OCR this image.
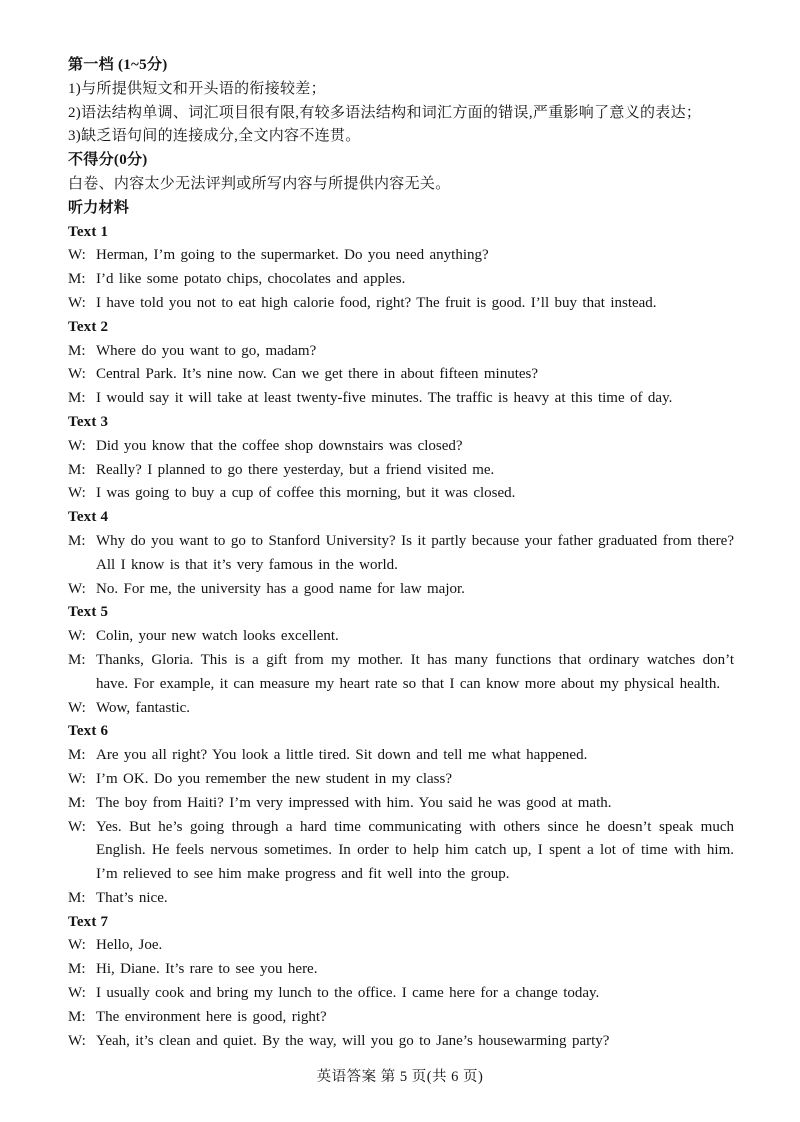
第一档 (1~5分)
1)与所提供短文和开头语的衔接较差；
2)语法结构单调、词汇项目很有限,有较多语法结构和词汇方面的错误,严重影响了意义的表达；
3)缺乏语句间的连接成分,全文内容不连贯。
不得分(0分)
白卷、内容太少无法评判或所写内容与所提供内容无关。
听力材料
Text 1
W: Herman, I’m going to the supermarket. Do you need anything?
M: I’d like some potato chips, chocolates and apples.
W: I have told you not to eat high calorie food, right? The fruit is good. I’ll buy that instead.
Text 2
M: Where do you want to go, madam?
W: Central Park. It’s nine now. Can we get there in about fifteen minutes?
M: I would say it will take at least twenty-five minutes. The traffic is heavy at this time of day.
Text 3
W: Did you know that the coffee shop downstairs was closed?
M: Really? I planned to go there yesterday, but a friend visited me.
W: I was going to buy a cup of coffee this morning, but it was closed.
Text 4
M: Why do you want to go to Stanford University? Is it partly because your father graduated from there? All I know is that it’s very famous in the world.
W: No. For me, the university has a good name for law major.
Text 5
W: Colin, your new watch looks excellent.
M: Thanks, Gloria. This is a gift from my mother. It has many functions that ordinary watches don’t have. For example, it can measure my heart rate so that I can know more about my physical health.
W: Wow, fantastic.
Text 6
M: Are you all right? You look a little tired. Sit down and tell me what happened.
W: I’m OK. Do you remember the new student in my class?
M: The boy from Haiti? I’m very impressed with him. You said he was good at math.
W: Yes. But he’s going through a hard time communicating with others since he doesn’t speak much English. He feels nervous sometimes. In order to help him catch up, I spent a lot of time with him. I’m relieved to see him make progress and fit well into the group.
M: That’s nice.
Text 7
W: Hello, Joe.
M: Hi, Diane. It’s rare to see you here.
W: I usually cook and bring my lunch to the office. I came here for a change today.
M: The environment here is good, right?
W: Yeah, it’s clean and quiet. By the way, will you go to Jane’s housewarming party?
英语答案 第 5 页(共 6 页)
